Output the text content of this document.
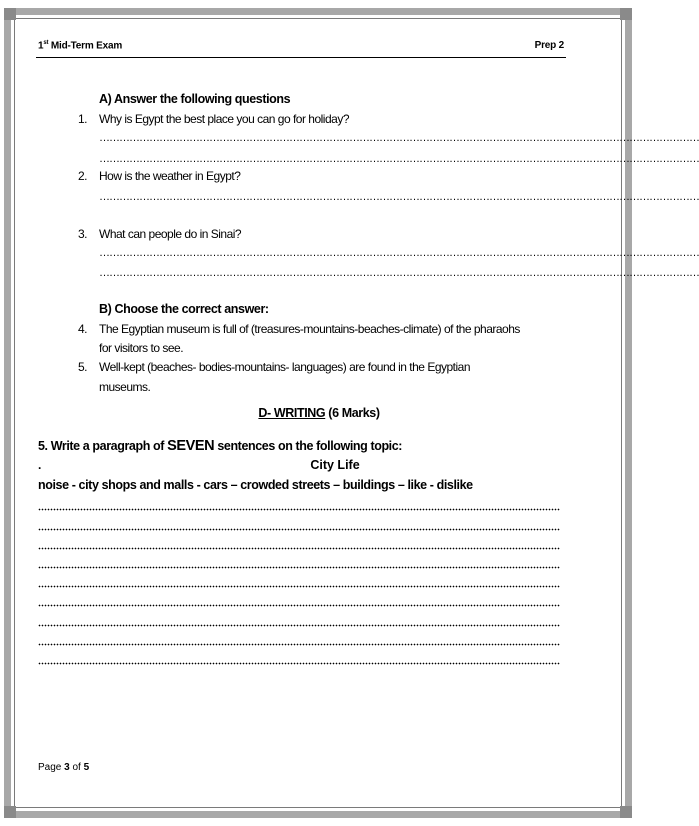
1st Mid-Term Exam	Prep 2
A) Answer the following questions
1. Why is Egypt the best place you can go for holiday?
………………………………………………………………………………………………………………………………………………………………
………………………………………………………………………………………………………………………………………………………………
2. How is the weather in Egypt?
………………………………………………………………………………………………………………………………………………………………
3. What can people do in Sinai?
………………………………………………………………………………………………………………………………………………………………
………………………………………………………………………………………………………………………………………………………………
B) Choose the correct answer:
4. The Egyptian museum is full of (treasures-mountains-beaches-climate) of the pharaohs
for visitors to see.
5. Well-kept (beaches- bodies-mountains- languages) are found in the Egyptian
museums.
D- WRITING (6 Marks)
5. Write a paragraph of SEVEN sentences on the following topic:
.	City Life
noise - city shops and malls - cars – crowded streets – buildings – like - dislike
Page 3 of 5
